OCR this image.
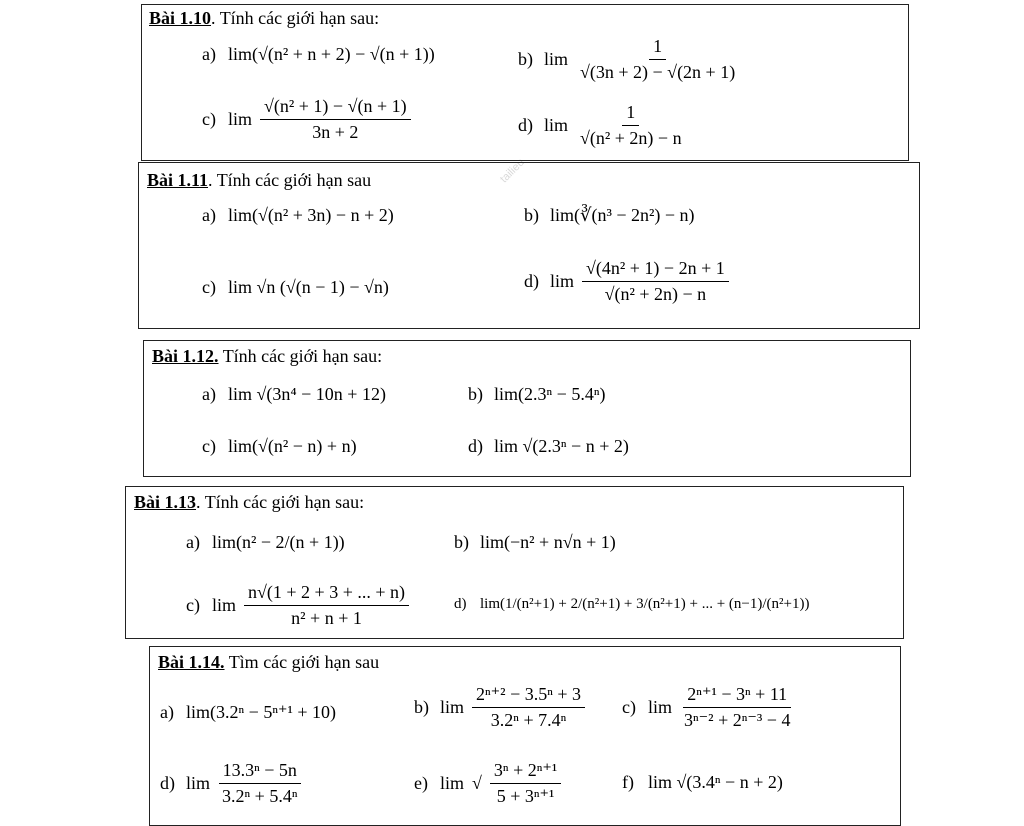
tailieu
Bài 1.10. Tính các giới hạn sau:
a) lim(√(n² + n + 2) − √(n + 1))	b) $\lim \frac{1}{√(3n + 2) - √(2n + 1)}$
c) $\lim \frac{\text{√(n² + 1) − √(n + 1)}}{3n + 2}$	d) $\lim \frac{1}{\text{√(n² + 2n) − n}}$
Bài 1.11. Tính các giới hạn sau
a) lim(√(n² + 3n) − n + 2)	b) lim(∛(n³ − 2n²) − n)
c) lim √n (√(n − 1) − √n)	d) $\lim \frac{\text{√(4n² + 1) − 2n + 1}}{\text{√(n² + 2n) − n}}$
Bài 1.12. Tính các giới hạn sau:
a) lim √(3n⁴ − 10n + 12)	b) lim(2.3ⁿ − 5.4ⁿ)
c) lim(√(n² − n) + n)	d) lim √(2.3ⁿ − n + 2)
Bài 1.13. Tính các giới hạn sau:
a) lim(n² − 2/(n + 1))	b) lim(−n² + n√n + 1)
c) $\lim \frac{n√(1 + 2 + 3 + ... + n)}{\text{n² + n + 1}}$	d) lim(1/(n²+1) + 2/(n²+1) + 3/(n²+1) + ... + (n−1)/(n²+1))
Bài 1.14. Tìm các giới hạn sau
a) lim(3.2ⁿ − 5ⁿ⁺¹ + 10)	b) $\lim \frac{\text{2ⁿ⁺² − 3.5ⁿ + 3}}{\text{3.2ⁿ + 7.4ⁿ}} c$) $\lim \frac{\text{2ⁿ⁺¹ − 3ⁿ + 11}}{\text{3ⁿ⁻² + 2ⁿ⁻³ − 4}}$
d) $\lim \frac{\text{13.3ⁿ − 5n}}{\text{3.2ⁿ + 5.4ⁿ}}$	e) lim √ $\frac{\text{3ⁿ + 2ⁿ⁺¹}}{\text{5 + 3ⁿ⁺¹}}$	f) lim √(3.4ⁿ − n + 2)
